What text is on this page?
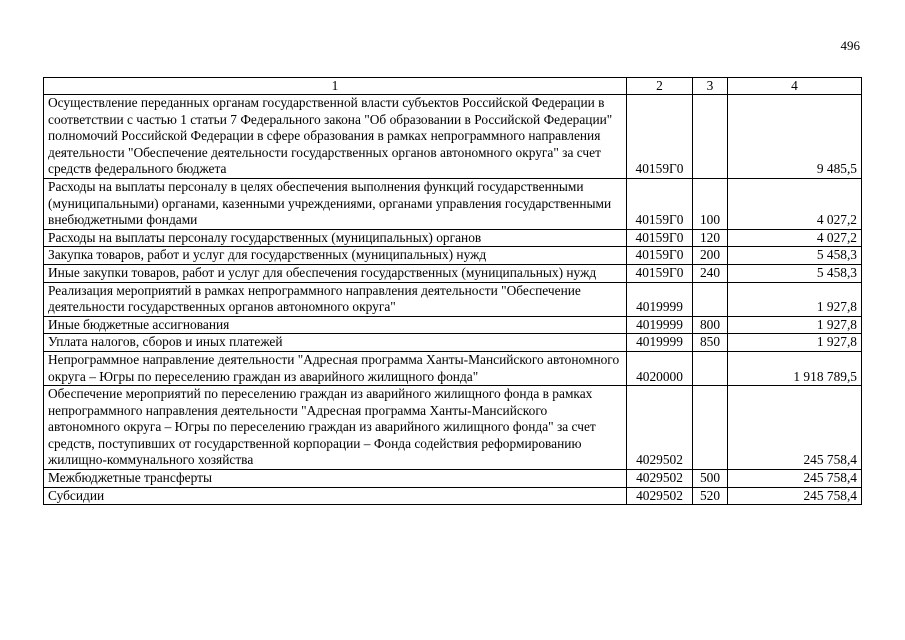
496
1	2	3	4
Осуществление переданных органам государственной власти субъектов Российской Федерации в соответствии с частью 1 статьи 7 Федерального закона "Об образовании в Российской Федерации" полномочий Российской Федерации в сфере образования в рамках непрограммного направления деятельности "Обеспечение деятельности государственных органов автономного округа" за счет средств федерального бюджета	40159Г0		9 485,5
Расходы на выплаты персоналу в целях обеспечения выполнения функций государственными (муниципальными) органами, казенными учреждениями, органами управления государственными внебюджетными фондами	40159Г0	100	4 027,2
Расходы на выплаты персоналу государственных (муниципальных) органов	40159Г0	120	4 027,2
Закупка товаров, работ и услуг для государственных (муниципальных) нужд	40159Г0	200	5 458,3
Иные закупки товаров, работ и услуг для обеспечения государственных (муниципальных) нужд	40159Г0	240	5 458,3
Реализация мероприятий в рамках непрограммного направления деятельности "Обеспечение деятельности государственных органов автономного округа"	4019999		1 927,8
Иные бюджетные ассигнования	4019999	800	1 927,8
Уплата налогов, сборов и иных платежей	4019999	850	1 927,8
Непрограммное направление деятельности "Адресная программа Ханты-Мансийского автономного округа – Югры по переселению граждан из аварийного жилищного фонда"	4020000		1 918 789,5
Обеспечение мероприятий по переселению граждан из аварийного жилищного фонда в рамках непрограммного направления деятельности "Адресная программа Ханты-Мансийского автономного округа – Югры по переселению граждан из аварийного жилищного фонда" за счет средств, поступивших от государственной корпорации – Фонда содействия реформированию жилищно-коммунального хозяйства	4029502		245 758,4
Межбюджетные трансферты	4029502	500	245 758,4
Субсидии	4029502	520	245 758,4
